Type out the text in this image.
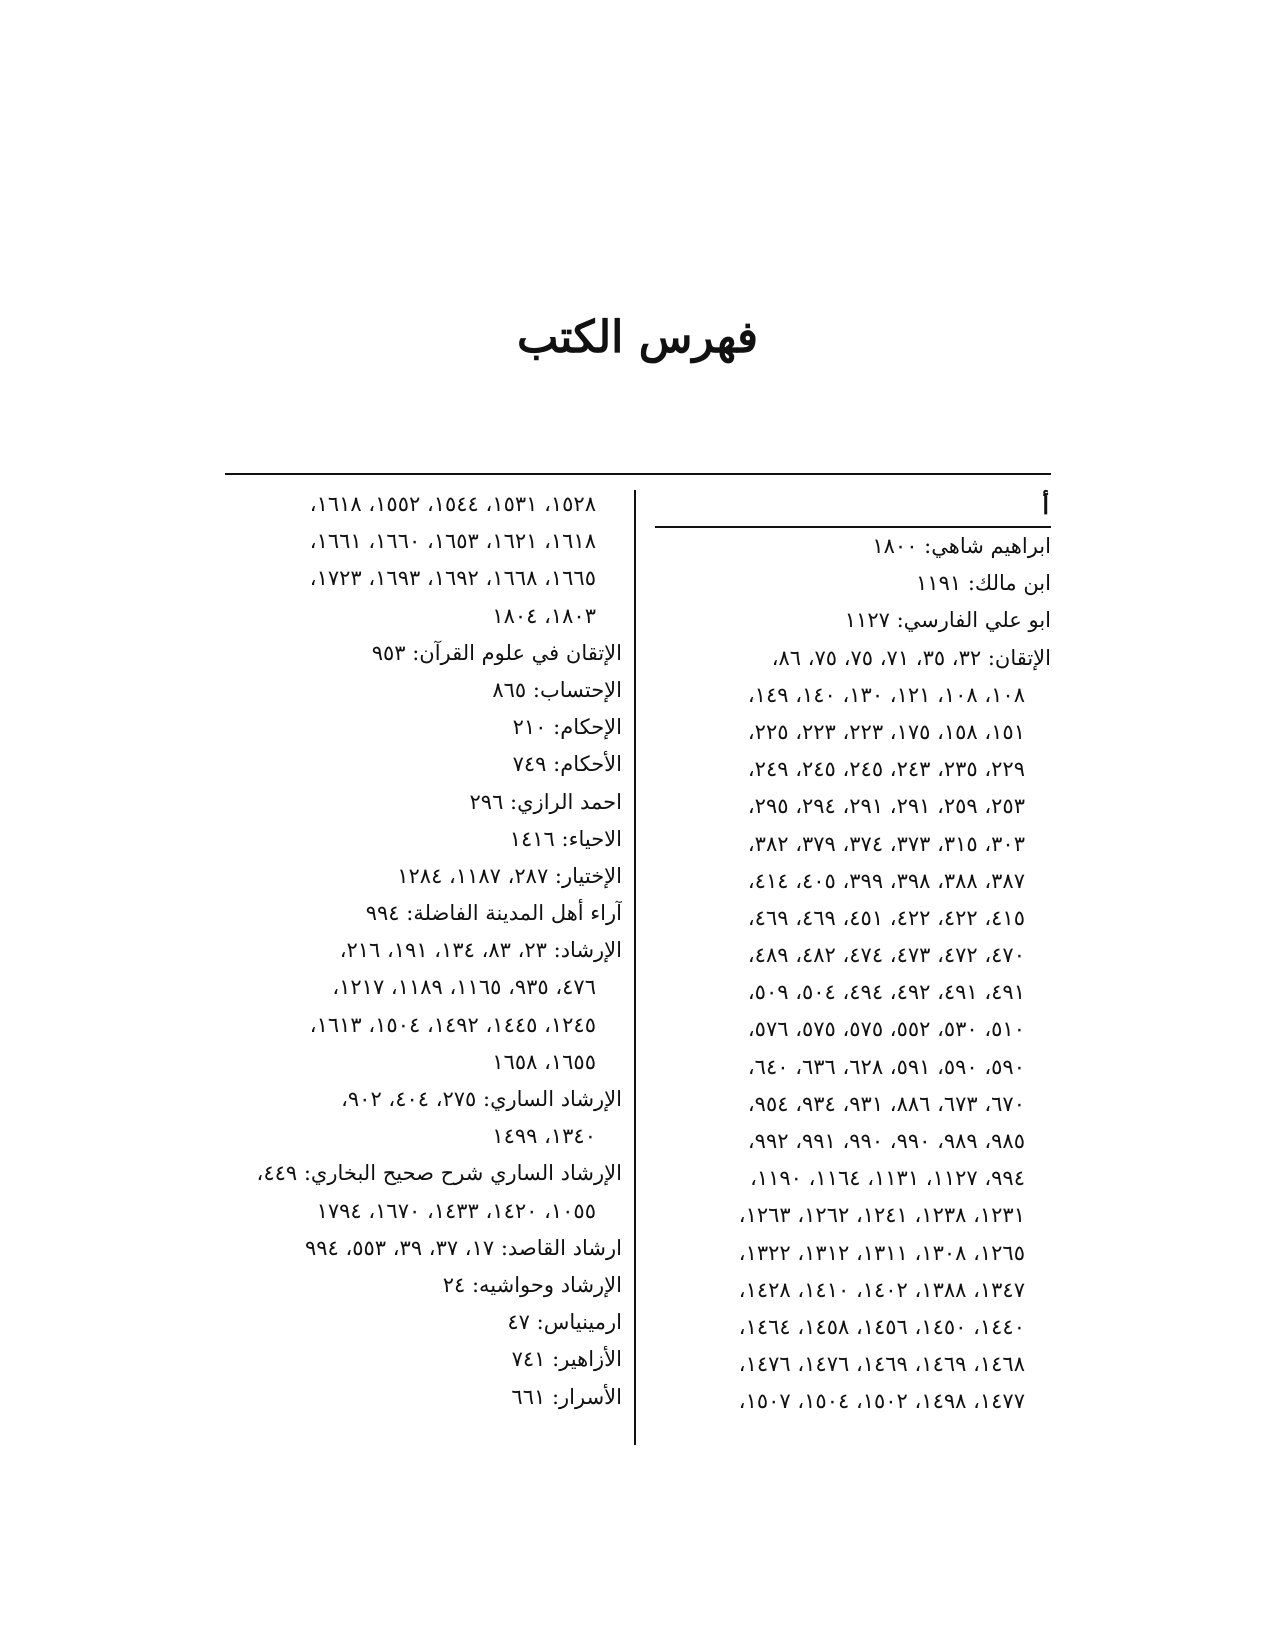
فهرس الكتب
أ
ابراهيم شاهي: ١٨٠٠
ابن مالك: ١١٩١
ابو علي الفارسي: ١١٢٧
الإتقان: ٣٢، ٣٥، ٧١، ٧٥، ٧٥، ٨٦،
١٠٨، ١٠٨، ١٢١، ١٣٠، ١٤٠، ١٤٩،
١٥١، ١٥٨، ١٧٥، ٢٢٣، ٢٢٣، ٢٢٥،
٢٢٩، ٢٣٥، ٢٤٣، ٢٤٥، ٢٤٥، ٢٤٩،
٢٥٣، ٢٥٩، ٢٩١، ٢٩١، ٢٩٤، ٢٩٥،
٣٠٣، ٣١٥، ٣٧٣، ٣٧٤، ٣٧٩، ٣٨٢،
٣٨٧، ٣٨٨، ٣٩٨، ٣٩٩، ٤٠٥، ٤١٤،
٤١٥، ٤٢٢، ٤٢٢، ٤٥١، ٤٦٩، ٤٦٩،
٤٧٠، ٤٧٢، ٤٧٣، ٤٧٤، ٤٨٢، ٤٨٩،
٤٩١، ٤٩١، ٤٩٢، ٤٩٤، ٥٠٤، ٥٠٩،
٥١٠، ٥٣٠، ٥٥٢، ٥٧٥، ٥٧٥، ٥٧٦،
٥٩٠، ٥٩٠، ٥٩١، ٦٢٨، ٦٣٦، ٦٤٠،
٦٧٠، ٦٧٣، ٨٨٦، ٩٣١، ٩٣٤، ٩٥٤،
٩٨٥، ٩٨٩، ٩٩٠، ٩٩٠، ٩٩١، ٩٩٢،
٩٩٤، ١١٢٧، ١١٣١، ١١٦٤، ١١٩٠،
١٢٣١، ١٢٣٨، ١٢٤١، ١٢٦٢، ١٢٦٣،
١٢٦٥، ١٣٠٨، ١٣١١، ١٣١٢، ١٣٢٢،
١٣٤٧، ١٣٨٨، ١٤٠٢، ١٤١٠، ١٤٢٨،
١٤٤٠، ١٤٥٠، ١٤٥٦، ١٤٥٨، ١٤٦٤،
١٤٦٨، ١٤٦٩، ١٤٦٩، ١٤٧٦، ١٤٧٦،
١٤٧٧، ١٤٩٨، ١٥٠٢، ١٥٠٤، ١٥٠٧،
١٥٢٨، ١٥٣١، ١٥٤٤، ١٥٥٢، ١٦١٨،
١٦١٨، ١٦٢١، ١٦٥٣، ١٦٦٠، ١٦٦١،
١٦٦٥، ١٦٦٨، ١٦٩٢، ١٦٩٣، ١٧٢٣،
١٨٠٣، ١٨٠٤
الإتقان في علوم القرآن: ٩٥٣
الإحتساب: ٨٦٥
الإحكام: ٢١٠
الأحكام: ٧٤٩
احمد الرازي: ٢٩٦
الاحياء: ١٤١٦
الإختيار: ٢٨٧، ١١٨٧، ١٢٨٤
آراء أهل المدينة الفاضلة: ٩٩٤
الإرشاد: ٢٣، ٨٣، ١٣٤، ١٩١، ٢١٦،
٤٧٦، ٩٣٥، ١١٦٥، ١١٨٩، ١٢١٧،
١٢٤٥، ١٤٤٥، ١٤٩٢، ١٥٠٤، ١٦١٣،
١٦٥٥، ١٦٥٨
الإرشاد الساري: ٢٧٥، ٤٠٤، ٩٠٢،
١٣٤٠، ١٤٩٩
الإرشاد الساري شرح صحيح البخاري: ٤٤٩،
١٠٥٥، ١٤٢٠، ١٤٣٣، ١٦٧٠، ١٧٩٤
ارشاد القاصد: ١٧، ٣٧، ٣٩، ٥٥٣، ٩٩٤
الإرشاد وحواشيه: ٢٤
ارمينياس: ٤٧
الأزاهير: ٧٤١
الأسرار: ٦٦١
